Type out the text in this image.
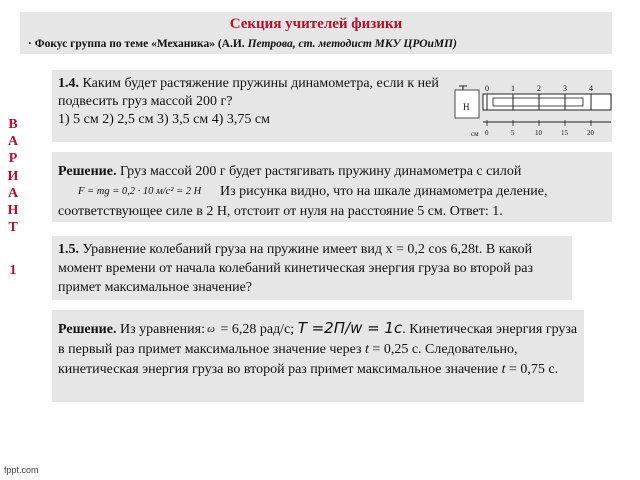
Секция учителей физики
· Фокус группа по теме «Механика» (А.И. Петрова, ст. методист МКУ ЦРОиМП)
В
А
Р
И
А
Н
Т
1
1.4. Каким будет растяжение пружины динамометра, если к ней подвесить груз массой 200 г?
1) 5 см 2) 2,5 см 3) 3,5 см 4) 3,75 см
Н
0	1	2	3	4
см 0	5	10	15	20
Решение. Груз массой 200 г будет растягивать пружину динамометра с силой

F = mg = 0,2 · 10 м/с² = 2 Н Из рисунка видно, что на шкале динамометра деление, соответствующее силе в 2 Н, отстоит от нуля на расстояние 5 см. Ответ: 1.
1.5. Уравнение колебаний груза на пружине имеет вид x = 0,2 cos 6,28t. В какой момент времени от начала колебаний кинетическая энергия груза во второй раз примет максимальное значение?
Решение. Из уравнения: ω = 6,28 рад/с; T =2П/w = 1c. Кинетическая энергия груза в первый раз примет максимальное значение через t = 0,25 с. Следовательно, кинетическая энергия груза во второй раз примет максимальное значение t = 0,75 с.
fppt.com
